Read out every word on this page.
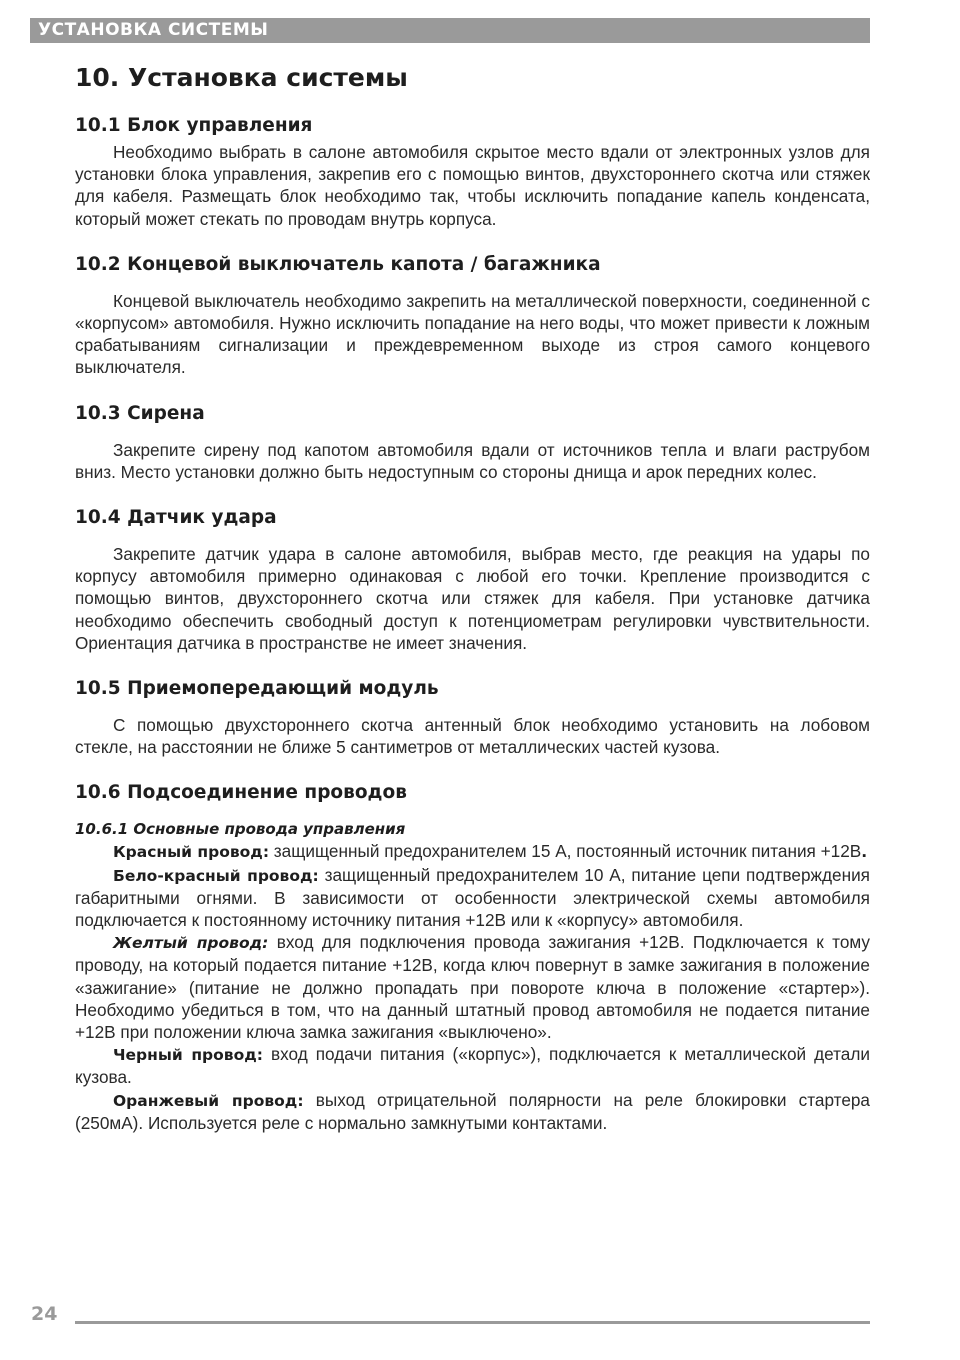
УСТАНОВКА СИСТЕМЫ
10. Установка системы
10.1 Блок управления

Необходимо выбрать в салоне автомобиля скрытое место вдали от электронных узлов для установки блока управления, закрепив его с помощью винтов, двухстороннего скотча или стяжек для кабеля. Размещать блок необходимо так, чтобы исключить попадание капель конденсата, который может стекать по проводам внутрь корпуса.

10.2 Концевой выключатель капота / багажника

Концевой выключатель необходимо закрепить на металлической поверхности, соединенной с «корпусом» автомобиля. Нужно исключить попадание на него воды, что может привести к ложным срабатываниям сигнализации и преждевременном выходе из строя самого концевого выключателя.

10.3 Сирена

Закрепите сирену под капотом автомобиля вдали от источников тепла и влаги раструбом вниз. Место установки должно быть недоступным со стороны днища и арок передних колес.

10.4 Датчик удара

Закрепите датчик удара в салоне автомобиля, выбрав место, где реакция на удары по корпусу автомобиля примерно одинаковая с любой его точки. Крепление производится с помощью винтов, двухстороннего скотча или стяжек для кабеля. При установке датчика необходимо обеспечить свободный доступ к потенциометрам регулировки чувствительности. Ориентация датчика в пространстве не имеет значения.

10.5 Приемопередающий модуль

С помощью двухстороннего скотча антенный блок необходимо установить на лобовом стекле, на расстоянии не ближе 5 сантиметров от металлических частей кузова.

10.6 Подсоединение проводов
10.6.1 Основные провода управления

Красный провод: защищенный предохранителем 15 А, постоянный источник питания +12В.

Бело-красный провод: защищенный предохранителем 10 А, питание цепи подтверждения габаритными огнями. В зависимости от особенности электрической схемы автомобиля подключается к постоянному источнику питания +12В или к «корпусу» автомобиля.

Желтый провод: вход для подключения провода зажигания +12В. Подключается к тому проводу, на который подается питание +12В, когда ключ повернут в замке зажигания в положение «зажигание» (питание не должно пропадать при повороте ключа в положение «стартер»). Необходимо убедиться в том, что на данный штатный провод автомобиля не подается питание +12В при положении ключа замка зажигания «выключено».

Черный провод: вход подачи питания («корпус»), подключается к металлической детали кузова.

Оранжевый провод: выход отрицательной полярности на реле блокировки стартера (250мА). Используется реле с нормально замкнутыми контактами.

24
